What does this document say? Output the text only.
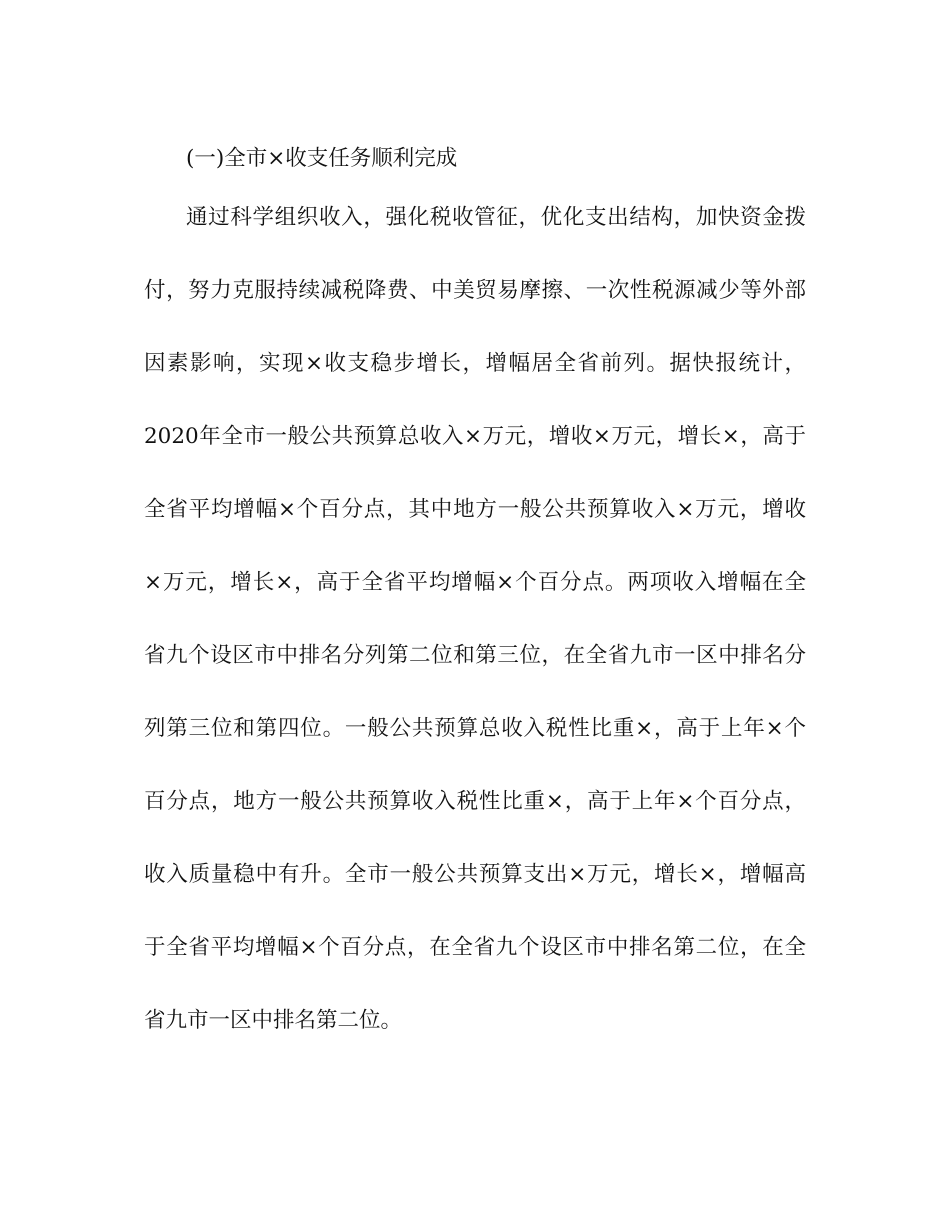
(一)全市×收支任务顺利完成
通过科学组织收入，强化税收管征，优化支出结构，加快资金拨
付，努力克服持续减税降费、中美贸易摩擦、一次性税源减少等外部
因素影响，实现×收支稳步增长，增幅居全省前列。据快报统计，
2020年全市一般公共预算总收入×万元，增收×万元，增长×，高于
全省平均增幅×个百分点，其中地方一般公共预算收入×万元，增收
×万元，增长×，高于全省平均增幅×个百分点。两项收入增幅在全
省九个设区市中排名分列第二位和第三位，在全省九市一区中排名分
列第三位和第四位。一般公共预算总收入税性比重×，高于上年×个
百分点，地方一般公共预算收入税性比重×，高于上年×个百分点，
收入质量稳中有升。全市一般公共预算支出×万元，增长×，增幅高
于全省平均增幅×个百分点，在全省九个设区市中排名第二位，在全
省九市一区中排名第二位。
